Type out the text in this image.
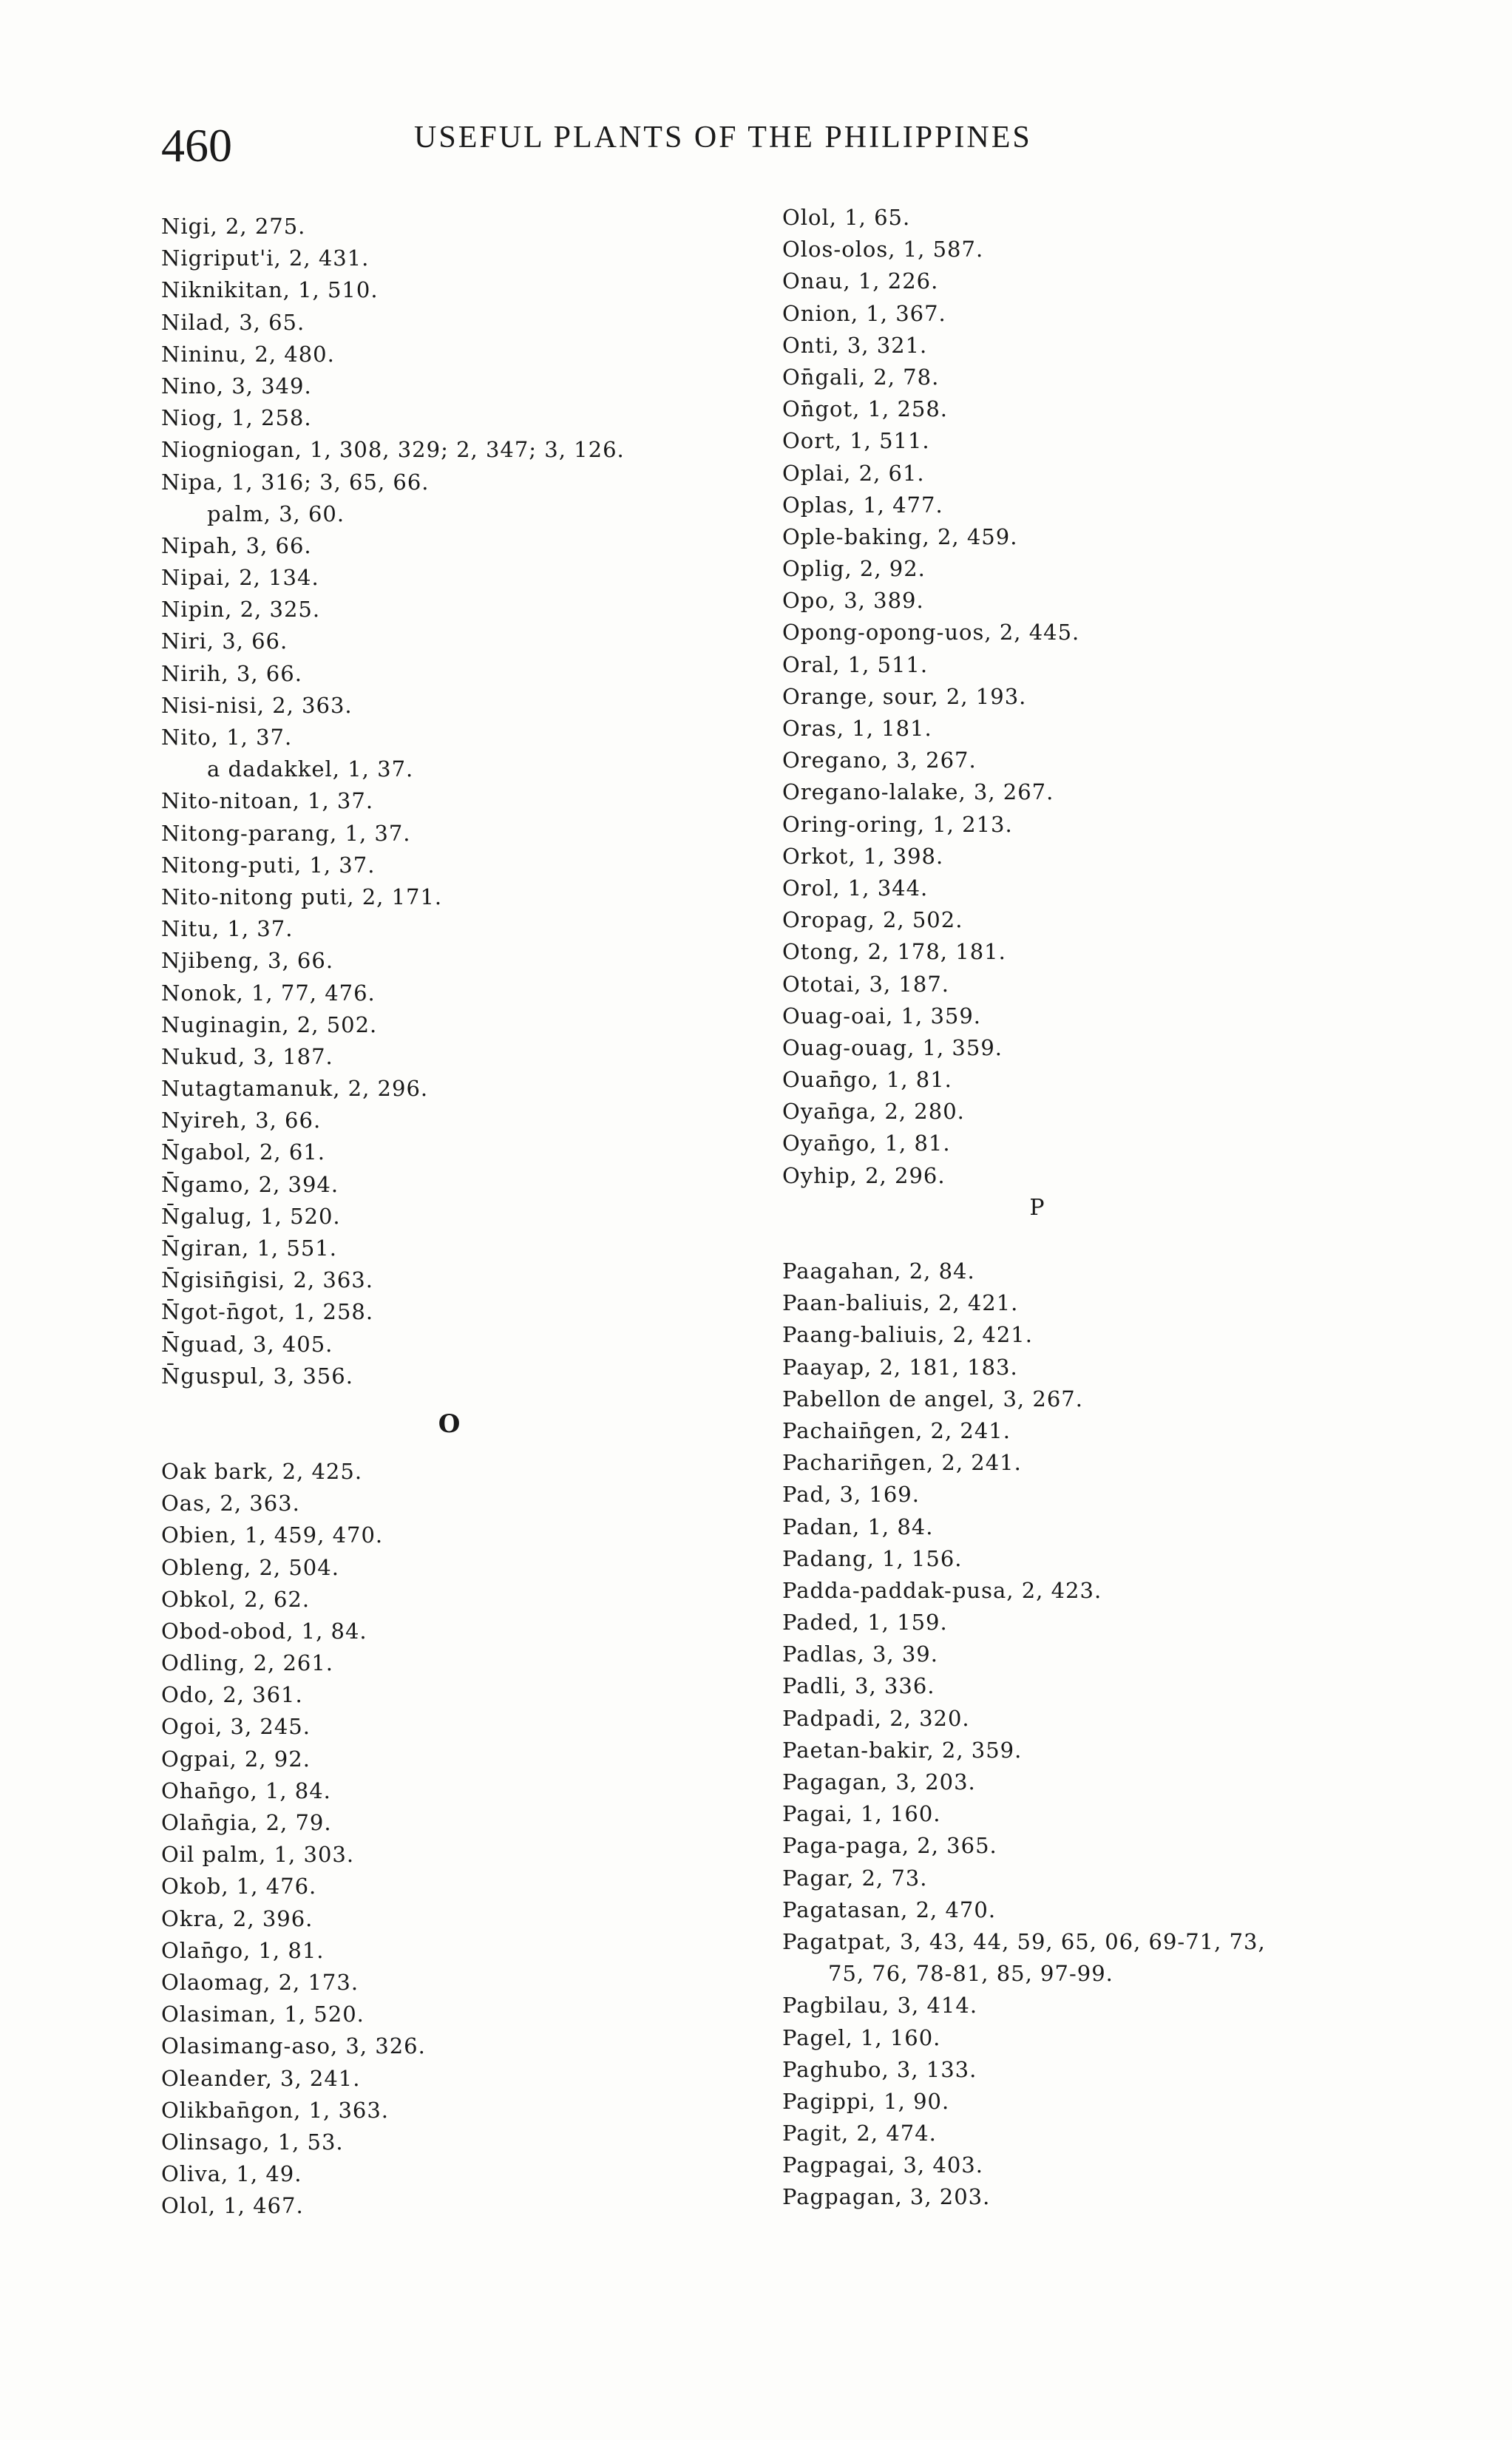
460	USEFUL PLANTS OF THE PHILIPPINES
Nigi, 2, 275.
Nigriput'i, 2, 431.
Niknikitan, 1, 510.
Nilad, 3, 65.
Nininu, 2, 480.
Nino, 3, 349.
Niog, 1, 258.
Niogniogan, 1, 308, 329; 2, 347; 3, 126.
Nipa, 1, 316; 3, 65, 66.
palm, 3, 60.
Nipah, 3, 66.
Nipai, 2, 134.
Nipin, 2, 325.
Niri, 3, 66.
Nirih, 3, 66.
Nisi-nisi, 2, 363.
Nito, 1, 37.
a dadakkel, 1, 37.
Nito-nitoan, 1, 37.
Nitong-parang, 1, 37.
Nitong-puti, 1, 37.
Nito-nitong puti, 2, 171.
Nitu, 1, 37.
Njibeng, 3, 66.
Nonok, 1, 77, 476.
Nuginagin, 2, 502.
Nukud, 3, 187.
Nutagtamanuk, 2, 296.
Nyireh, 3, 66.
N̄gabol, 2, 61.
N̄gamo, 2, 394.
N̄galug, 1, 520.
N̄giran, 1, 551.
N̄gisin̄gisi, 2, 363.
N̄got-n̄got, 1, 258.
N̄guad, 3, 405.
N̄guspul, 3, 356.
O
Oak bark, 2, 425.
Oas, 2, 363.
Obien, 1, 459, 470.
Obleng, 2, 504.
Obkol, 2, 62.
Obod-obod, 1, 84.
Odling, 2, 261.
Odo, 2, 361.
Ogoi, 3, 245.
Ogpai, 2, 92.
Ohan̄go, 1, 84.
Olan̄gia, 2, 79.
Oil palm, 1, 303.
Okob, 1, 476.
Okra, 2, 396.
Olan̄go, 1, 81.
Olaomag, 2, 173.
Olasiman, 1, 520.
Olasimang-aso, 3, 326.
Oleander, 3, 241.
Olikban̄gon, 1, 363.
Olinsago, 1, 53.
Oliva, 1, 49.
Olol, 1, 467.
Olol, 1, 65.
Olos-olos, 1, 587.
Onau, 1, 226.
Onion, 1, 367.
Onti, 3, 321.
On̄gali, 2, 78.
On̄got, 1, 258.
Oort, 1, 511.
Oplai, 2, 61.
Oplas, 1, 477.
Ople-baking, 2, 459.
Oplig, 2, 92.
Opo, 3, 389.
Opong-opong-uos, 2, 445.
Oral, 1, 511.
Orange, sour, 2, 193.
Oras, 1, 181.
Oregano, 3, 267.
Oregano-lalake, 3, 267.
Oring-oring, 1, 213.
Orkot, 1, 398.
Orol, 1, 344.
Oropag, 2, 502.
Otong, 2, 178, 181.
Ototai, 3, 187.
Ouag-oai, 1, 359.
Ouag-ouag, 1, 359.
Ouan̄go, 1, 81.
Oyan̄ga, 2, 280.
Oyan̄go, 1, 81.
Oyhip, 2, 296.
P
Paagahan, 2, 84.
Paan-baliuis, 2, 421.
Paang-baliuis, 2, 421.
Paayap, 2, 181, 183.
Pabellon de angel, 3, 267.
Pachain̄gen, 2, 241.
Pacharin̄gen, 2, 241.
Pad, 3, 169.
Padan, 1, 84.
Padang, 1, 156.
Padda-paddak-pusa, 2, 423.
Paded, 1, 159.
Padlas, 3, 39.
Padli, 3, 336.
Padpadi, 2, 320.
Paetan-bakir, 2, 359.
Pagagan, 3, 203.
Pagai, 1, 160.
Paga-paga, 2, 365.
Pagar, 2, 73.
Pagatasan, 2, 470.
Pagatpat, 3, 43, 44, 59, 65, 06, 69-71, 73,
75, 76, 78-81, 85, 97-99.
Pagbilau, 3, 414.
Pagel, 1, 160.
Paghubo, 3, 133.
Pagippi, 1, 90.
Pagit, 2, 474.
Pagpagai, 3, 403.
Pagpagan, 3, 203.
